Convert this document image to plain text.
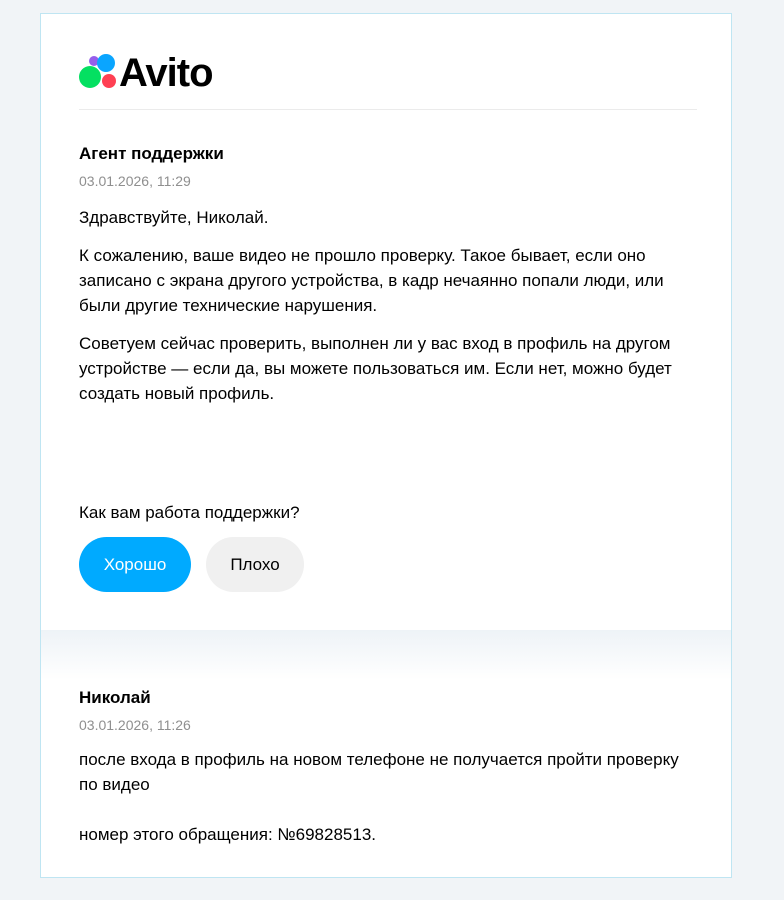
Avito
Агент поддержки
03.01.2026, 11:29

Здравствуйте, Николай.

К сожалению, ваше видео не прошло проверку. Такое бывает, если оно записано с экрана другого устройства, в кадр нечаянно попали люди, или были другие технические нарушения.

Советуем сейчас проверить, выполнен ли у вас вход в профиль на другом устройстве — если да, вы можете пользоваться им. Если нет, можно будет создать новый профиль.

Как вам работа поддержки?
Хорошо	Плохо
Николай
03.01.2026, 11:26

после входа в профиль на новом телефоне не получается пройти проверку по видео

номер этого обращения: №69828513.
